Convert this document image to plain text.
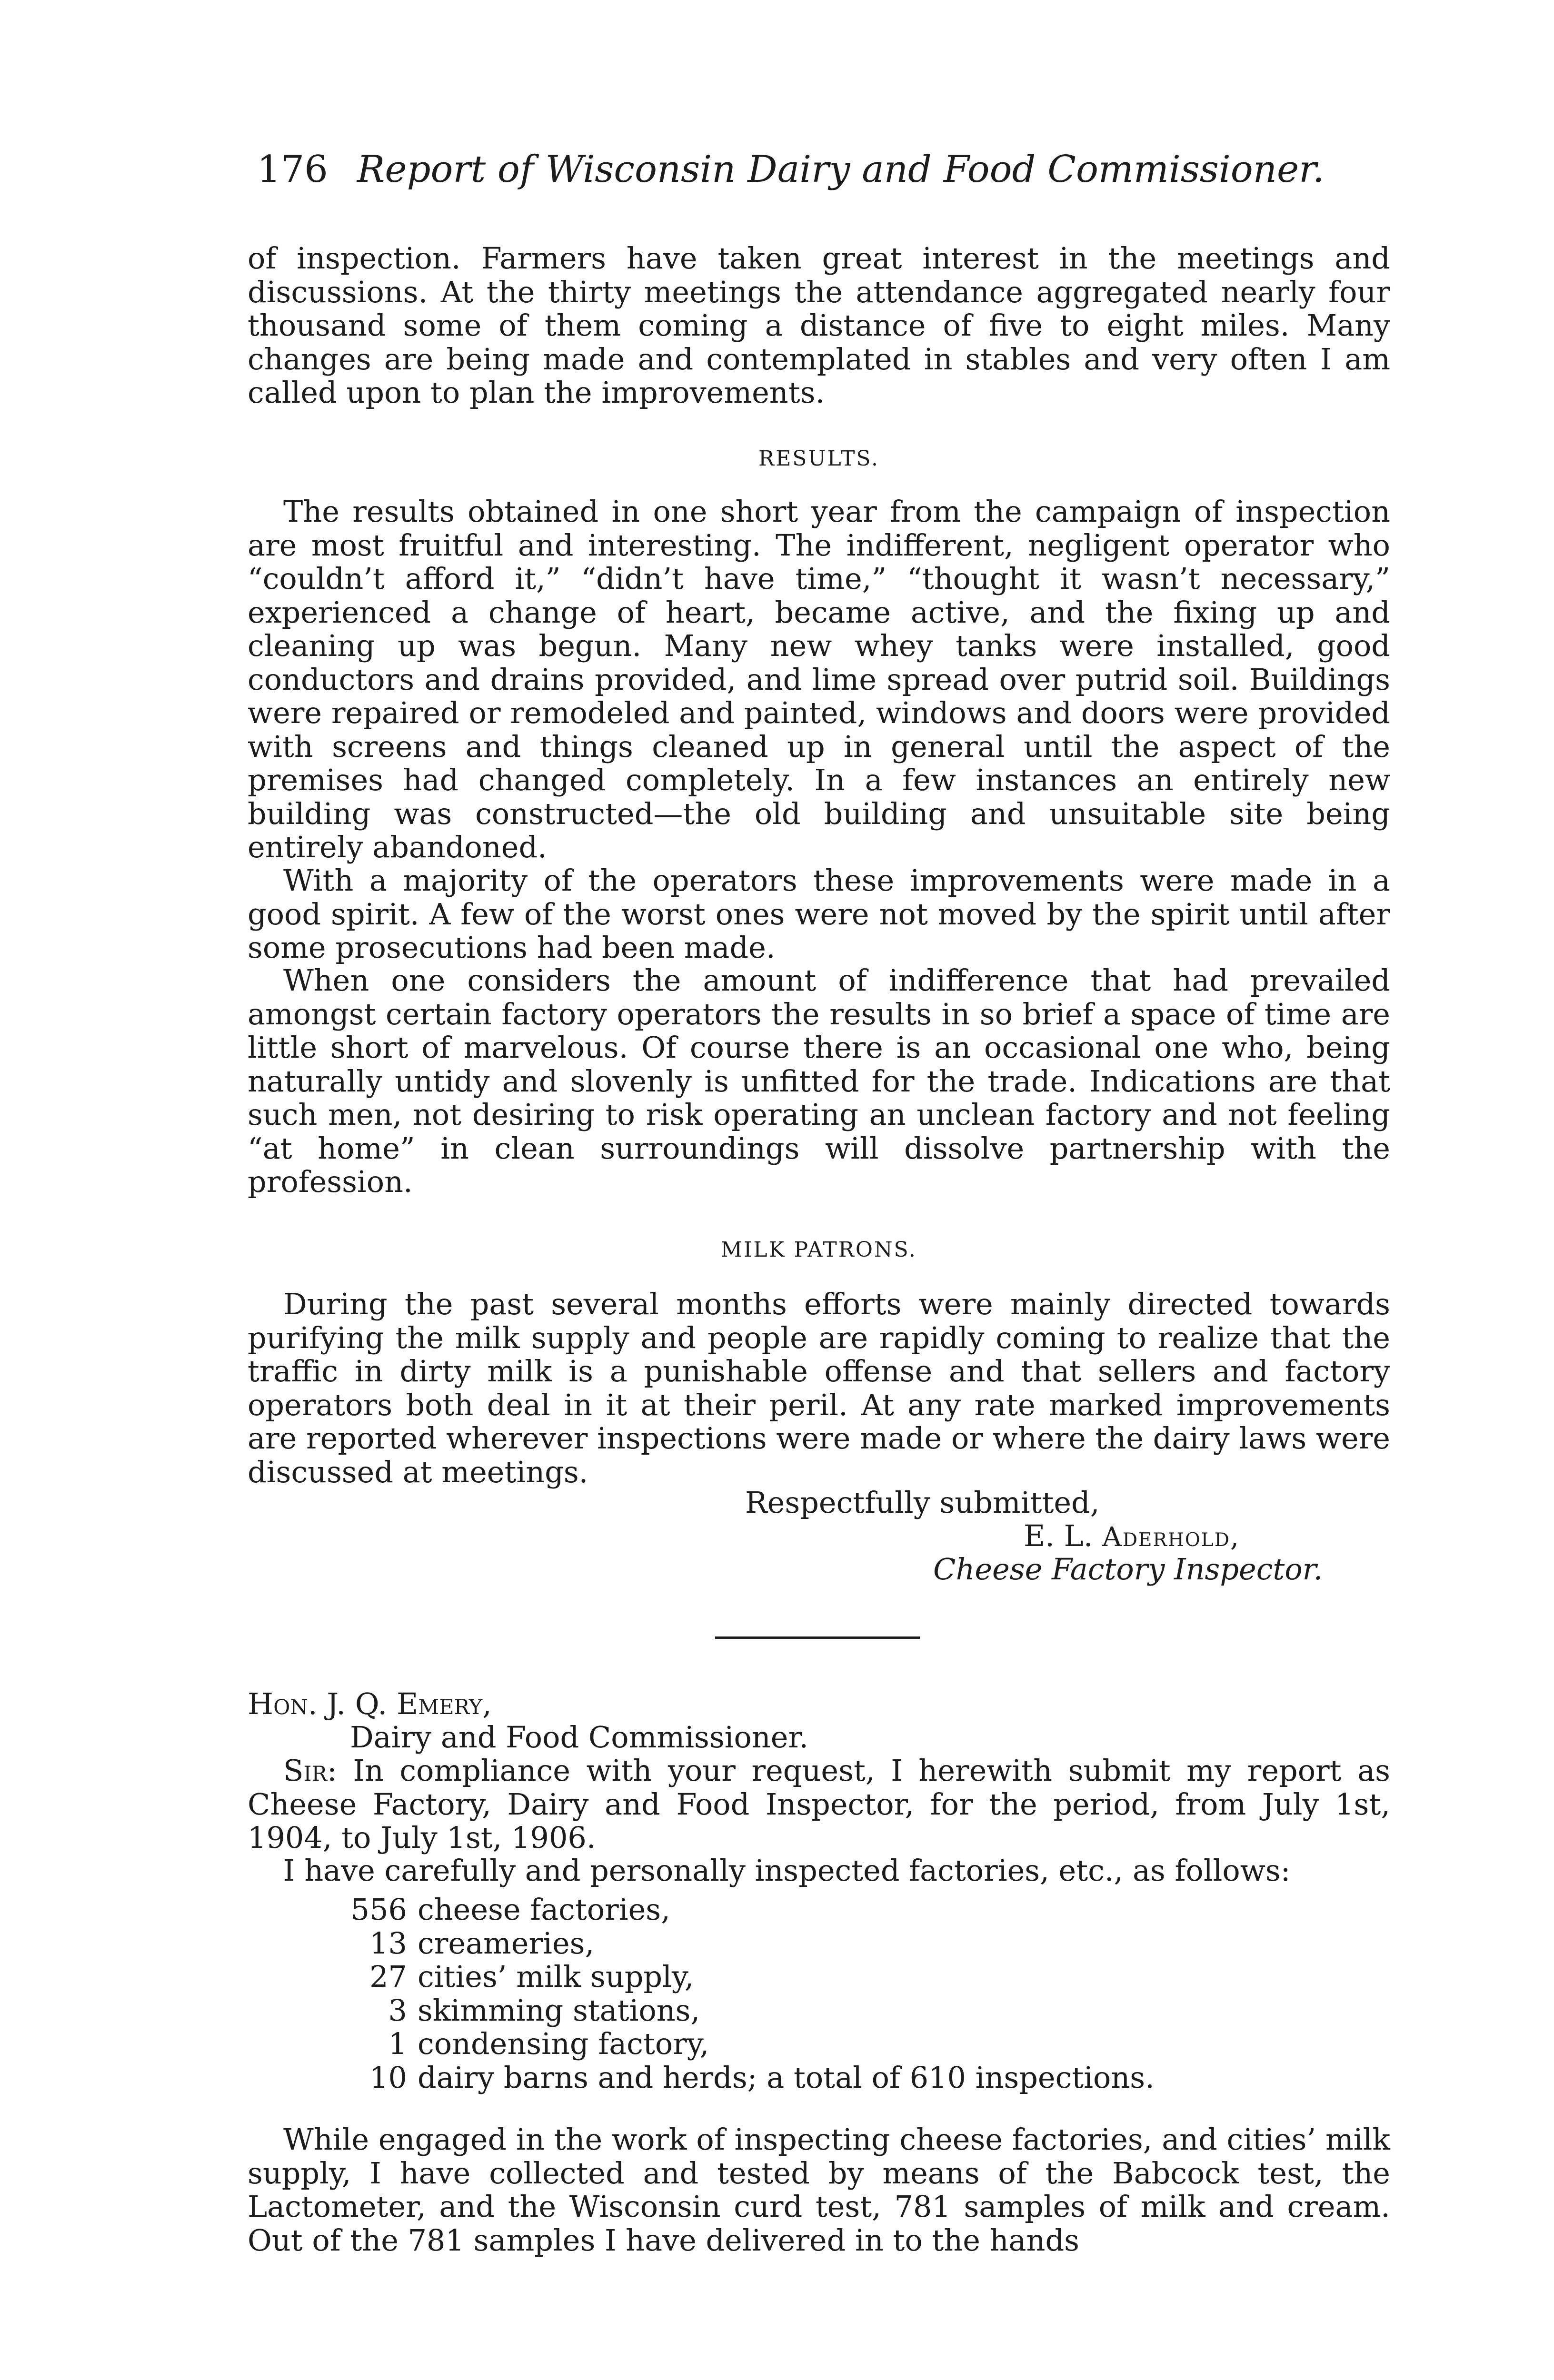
176 Report of Wisconsin Dairy and Food Commissioner.

of inspection. Farmers have taken great interest in the meetings and discussions. At the thirty meetings the attendance aggregated nearly four thousand some of them coming a distance of five to eight miles. Many changes are being made and contemplated in stables and very often I am called upon to plan the improvements.

RESULTS.

The results obtained in one short year from the campaign of inspection are most fruitful and interesting. The indifferent, negligent operator who “couldn’t afford it,” “didn’t have time,” “thought it wasn’t necessary,” experienced a change of heart, became active, and the fixing up and cleaning up was begun. Many new whey tanks were installed, good conductors and drains provided, and lime spread over putrid soil. Buildings were repaired or remodeled and painted, windows and doors were provided with screens and things cleaned up in general until the aspect of the premises had changed completely. In a few instances an entirely new building was constructed—the old building and unsuitable site being entirely abandoned.

With a majority of the operators these improvements were made in a good spirit. A few of the worst ones were not moved by the spirit until after some prosecutions had been made.

When one considers the amount of indifference that had prevailed amongst certain factory operators the results in so brief a space of time are little short of marvelous. Of course there is an occasional one who, being naturally untidy and slovenly is unfitted for the trade. Indications are that such men, not desiring to risk operating an unclean factory and not feeling “at home” in clean surroundings will dissolve partnership with the profession.

MILK PATRONS.

During the past several months efforts were mainly directed towards purifying the milk supply and people are rapidly coming to realize that the traffic in dirty milk is a punishable offense and that sellers and factory operators both deal in it at their peril. At any rate marked improvements are reported wherever inspections were made or where the dairy laws were discussed at meetings.

Respectfully submitted,
E. L. Aderhold,
Cheese Factory Inspector.
Hon. J. Q. Emery,
Dairy and Food Commissioner.

Sir: In compliance with your request, I herewith submit my report as Cheese Factory, Dairy and Food Inspector, for the period, from July 1st, 1904, to July 1st, 1906.

I have carefully and personally inspected factories, etc., as follows:

556 cheese factories,
13 creameries,
27 cities’ milk supply,
3 skimming stations,
1 condensing factory,
10 dairy barns and herds; a total of 610 inspections.

While engaged in the work of inspecting cheese factories, and cities’ milk supply, I have collected and tested by means of the Babcock test, the Lactometer, and the Wisconsin curd test, 781 samples of milk and cream. Out of the 781 samples I have delivered in to the hands
